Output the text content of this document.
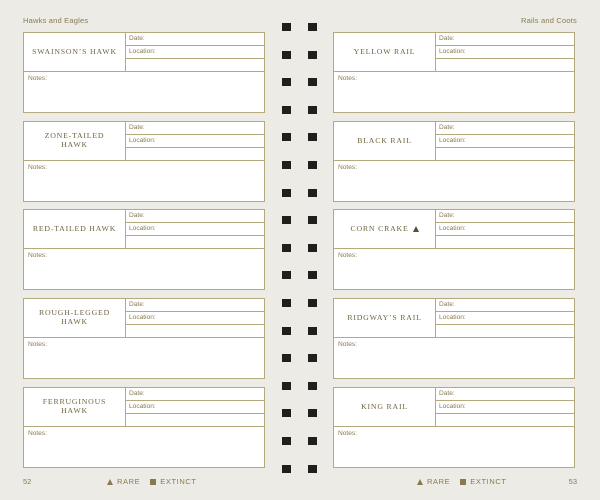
Hawks and Eagles
SWAINSON’S HAWK
Date:
Location:
Notes:
ZONE-TAILED HAWK
Date:
Location:
Notes:
RED-TAILED HAWK
Date:
Location:
Notes:
ROUGH-LEGGED HAWK
Date:
Location:
Notes:
FERRUGINOUS HAWK
Date:
Location:
Notes:
52	RARE	EXTINCT
Rails and Coots
YELLOW RAIL
Date:
Location:
Notes:
BLACK RAIL
Date:
Location:
Notes:
CORN CRAKE
Date:
Location:
Notes:
RIDGWAY’S RAIL
Date:
Location:
Notes:
KING RAIL
Date:
Location:
Notes:
53
RARE	EXTINCT
